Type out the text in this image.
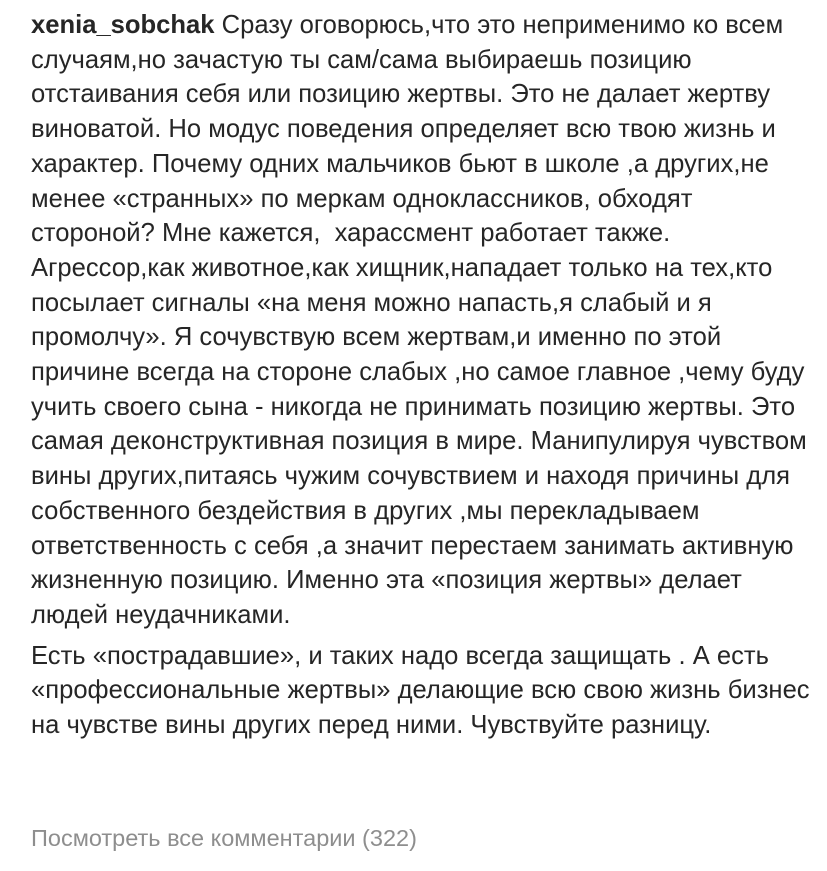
xenia_sobchak Сразу оговорюсь,что это неприменимо ко всем случаям,но зачастую ты сам/сама выбираешь позицию отстаивания себя или позицию жертвы. Это не далает жертву виноватой. Но модус поведения определяет всю твою жизнь и характер. Почему одних мальчиков бьют в школе ,а других,не менее «странных» по меркам одноклассников, обходят стороной? Мне кажется,  харассмент работает также. Агрессор,как животное,как хищник,нападает только на тех,кто посылает сигналы «на меня можно напасть,я слабый и я промолчу». Я сочувствую всем жертвам,и именно по этой причине всегда на стороне слабых ,но самое главное ,чему буду учить своего сына - никогда не принимать позицию жертвы. Это самая деконструктивная позиция в мире. Манипулируя чувством вины других,питаясь чужим сочувствием и находя причины для собственного бездействия в других ,мы перекладываем ответственность с себя ,а значит перестаем занимать активную  жизненную позицию. Именно эта «позиция жертвы» делает людей неудачниками.
Есть «пострадавшие», и таких надо всегда защищать . А есть «профессиональные жертвы» делающие всю свою жизнь бизнес на чувстве вины других перед ними. Чувствуйте разницу.

Посмотреть все комментарии (322)
